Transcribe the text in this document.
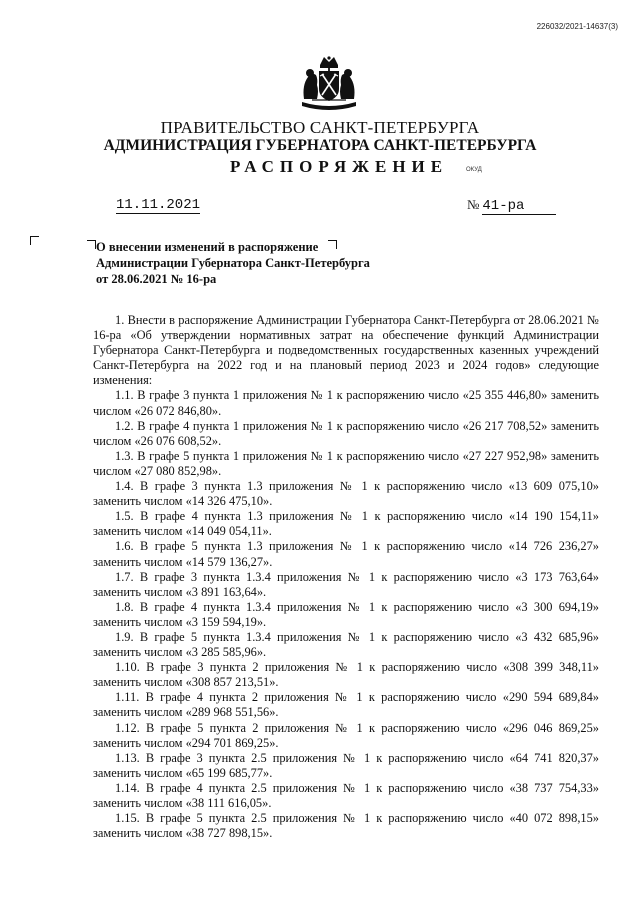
226032/2021-14637(3)
ПРАВИТЕЛЬСТВО САНКТ-ПЕТЕРБУРГА
АДМИНИСТРАЦИЯ ГУБЕРНАТОРА САНКТ-ПЕТЕРБУРГА
РАСПОРЯЖЕНИЕ	ОКУД
11.11.2021	№ 41-ра
О внесении изменений в распоряжение
Администрации Губернатора Санкт-Петербурга
от 28.06.2021 № 16-ра

1. Внести в распоряжение Администрации Губернатора Санкт-Петербурга от 28.06.2021 № 16-ра «Об утверждении нормативных затрат на обеспечение функций Администрации Губернатора Санкт-Петербурга и подведомственных государственных казенных учреждений Санкт-Петербурга на 2022 год и на плановый период 2023 и 2024 годов» следующие изменения:

1.1. В графе 3 пункта 1 приложения № 1 к распоряжению число «25 355 446,80» заменить числом «26 072 846,80».

1.2. В графе 4 пункта 1 приложения № 1 к распоряжению число «26 217 708,52» заменить числом «26 076 608,52».

1.3. В графе 5 пункта 1 приложения № 1 к распоряжению число «27 227 952,98» заменить числом «27 080 852,98».

1.4. В графе 3 пункта 1.3 приложения № 1 к распоряжению число «13 609 075,10» заменить числом «14 326 475,10».

1.5. В графе 4 пункта 1.3 приложения № 1 к распоряжению число «14 190 154,11» заменить числом «14 049 054,11».

1.6. В графе 5 пункта 1.3 приложения № 1 к распоряжению число «14 726 236,27» заменить числом «14 579 136,27».

1.7. В графе 3 пункта 1.3.4 приложения № 1 к распоряжению число «3 173 763,64» заменить числом «3 891 163,64».

1.8. В графе 4 пункта 1.3.4 приложения № 1 к распоряжению число «3 300 694,19» заменить числом «3 159 594,19».

1.9. В графе 5 пункта 1.3.4 приложения № 1 к распоряжению число «3 432 685,96» заменить числом «3 285 585,96».

1.10. В графе 3 пункта 2 приложения № 1 к распоряжению число «308 399 348,11» заменить числом «308 857 213,51».

1.11. В графе 4 пункта 2 приложения № 1 к распоряжению число «290 594 689,84» заменить числом «289 968 551,56».

1.12. В графе 5 пункта 2 приложения № 1 к распоряжению число «296 046 869,25» заменить числом «294 701 869,25».

1.13. В графе 3 пункта 2.5 приложения № 1 к распоряжению число «64 741 820,37» заменить числом «65 199 685,77».

1.14. В графе 4 пункта 2.5 приложения № 1 к распоряжению число «38 737 754,33» заменить числом «38 111 616,05».

1.15. В графе 5 пункта 2.5 приложения № 1 к распоряжению число «40 072 898,15» заменить числом «38 727 898,15».
